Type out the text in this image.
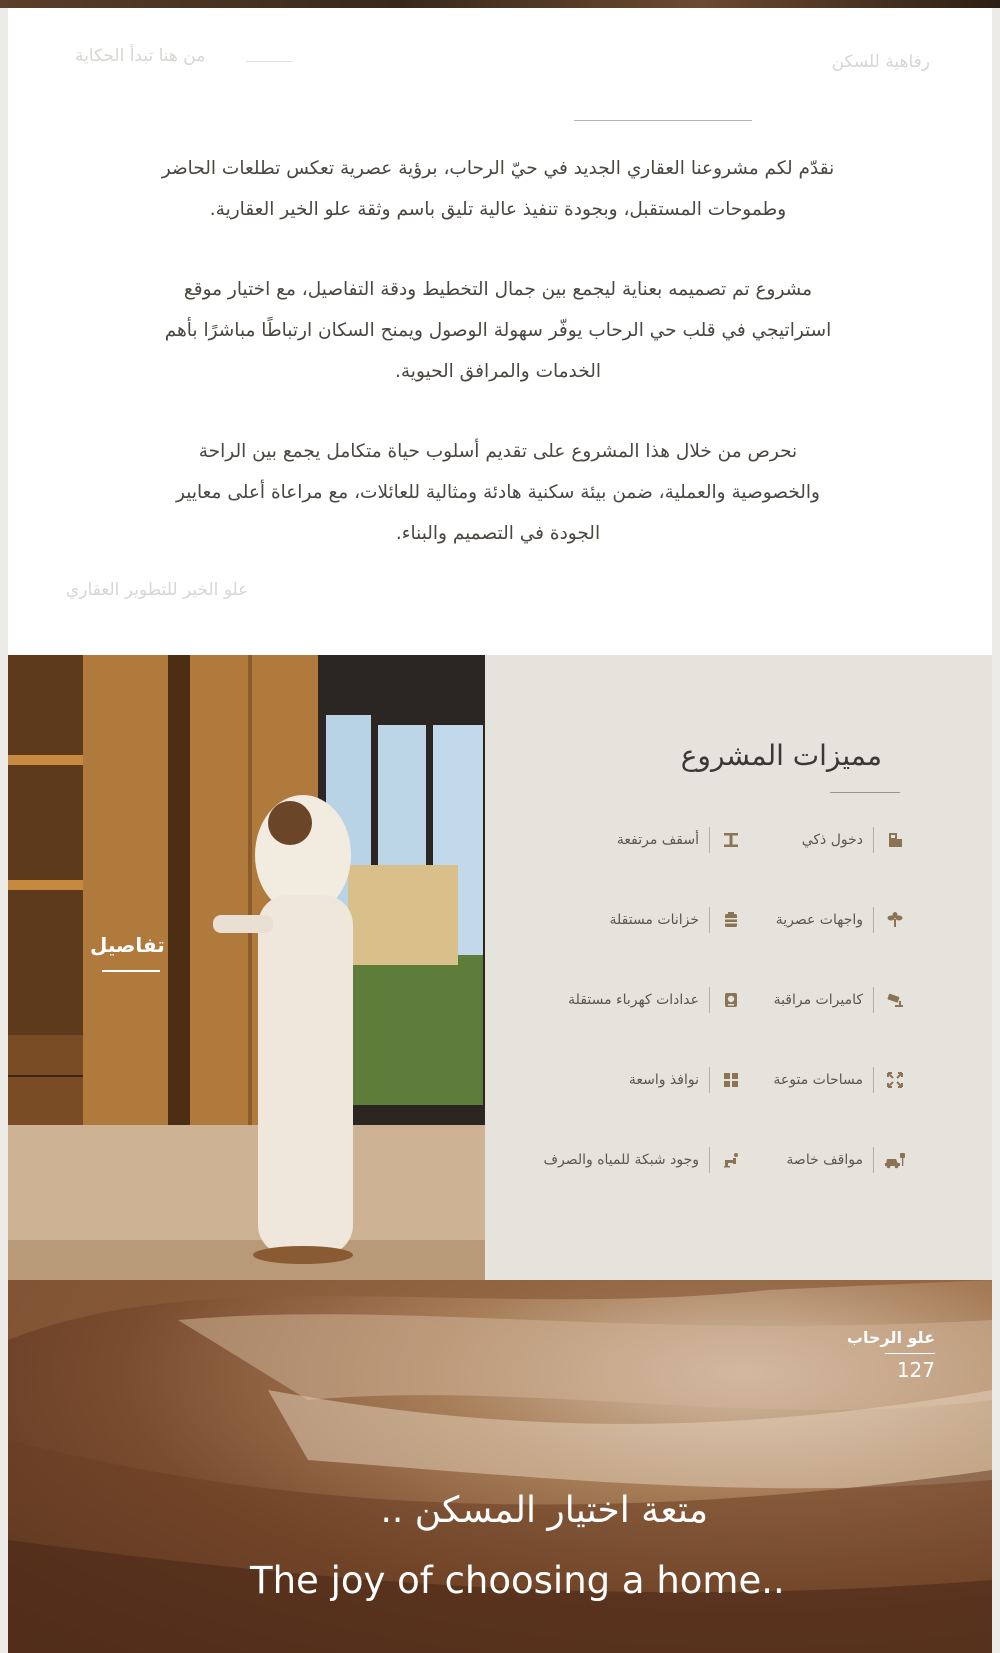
رفاهية للسكن
من هنا تبدأ الحكاية

نقدّم لكم مشروعنا العقاري الجديد في حيّ الرحاب، برؤية عصرية تعكس تطلعات الحاضر وطموحات المستقبل، وبجودة تنفيذ عالية تليق باسم وثقة علو الخير العقارية.

مشروع تم تصميمه بعناية ليجمع بين جمال التخطيط ودقة التفاصيل، مع اختيار موقع استراتيجي في قلب حي الرحاب يوفّر سهولة الوصول ويمنح السكان ارتباطًا مباشرًا بأهم الخدمات والمرافق الحيوية.

نحرص من خلال هذا المشروع على تقديم أسلوب حياة متكامل يجمع بين الراحة والخصوصية والعملية، ضمن بيئة سكنية هادئة ومثالية للعائلات، مع مراعاة أعلى معايير الجودة في التصميم والبناء.

علو الخير للتطوير العقاري
تفاصيل
مميزات المشروع
دخول ذكي
أسقف مرتفعة
واجهات عصرية
خزانات مستقلة
كاميرات مراقبة
عدادات كهرباء مستقلة
مساحات متوعة
نوافذ واسعة
مواقف خاصة
وجود شبكة للمياه والصرف
علو الرحاب
127
متعة اختيار المسكن ..
The joy of choosing a home..
